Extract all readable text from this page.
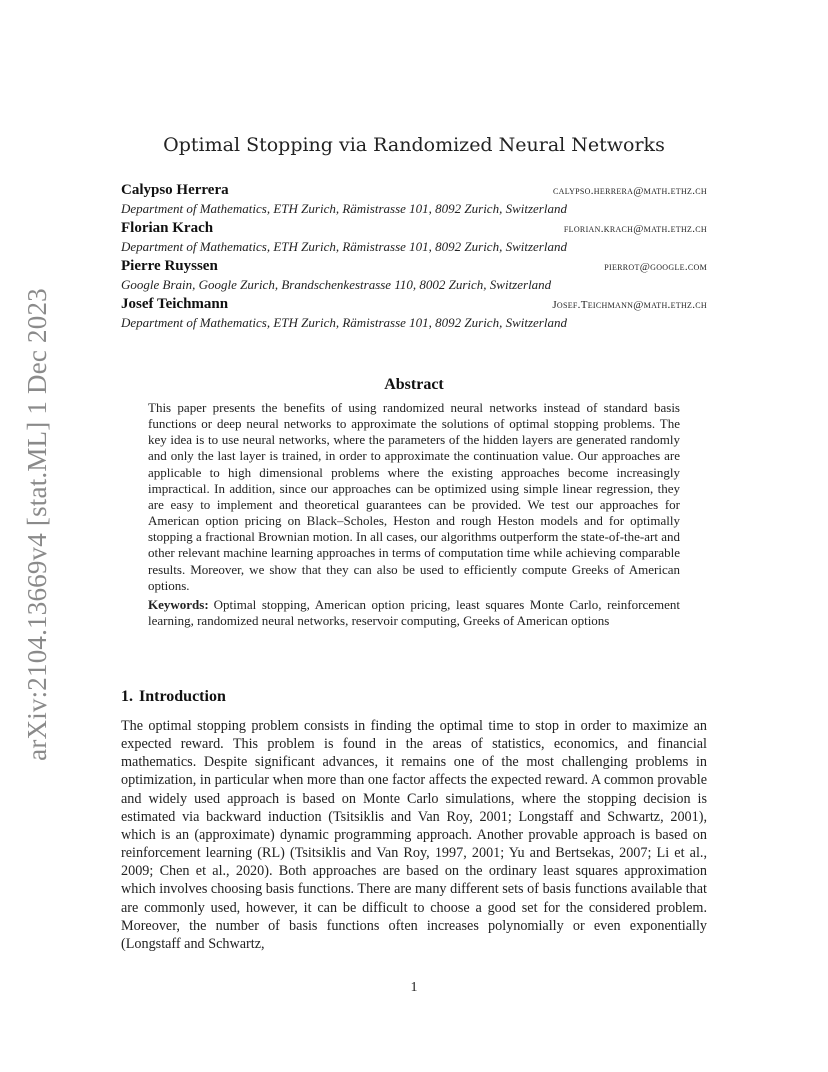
arXiv:2104.13669v4 [stat.ML] 1 Dec 2023
Optimal Stopping via Randomized Neural Networks
Calypso Herrera	calypso.herrera@math.ethz.ch
Department of Mathematics, ETH Zurich, Rämistrasse 101, 8092 Zurich, Switzerland
Florian Krach	florian.krach@math.ethz.ch
Department of Mathematics, ETH Zurich, Rämistrasse 101, 8092 Zurich, Switzerland
Pierre Ruyssen	pierrot@google.com
Google Brain, Google Zurich, Brandschenkestrasse 110, 8002 Zurich, Switzerland
Josef Teichmann	Josef.Teichmann@math.ethz.ch
Department of Mathematics, ETH Zurich, Rämistrasse 101, 8092 Zurich, Switzerland
Abstract

This paper presents the benefits of using randomized neural networks instead of standard basis functions or deep neural networks to approximate the solutions of optimal stopping problems. The key idea is to use neural networks, where the parameters of the hidden layers are generated randomly and only the last layer is trained, in order to approximate the continuation value. Our approaches are applicable to high dimensional problems where the existing approaches become increasingly impractical. In addition, since our approaches can be optimized using simple linear regression, they are easy to implement and theoretical guarantees can be provided. We test our approaches for American option pricing on Black–Scholes, Heston and rough Heston models and for optimally stopping a fractional Brownian motion. In all cases, our algorithms outperform the state-of-the-art and other relevant machine learning approaches in terms of computation time while achieving comparable results. Moreover, we show that they can also be used to efficiently compute Greeks of American options.

Keywords: Optimal stopping, American option pricing, least squares Monte Carlo, reinforcement learning, randomized neural networks, reservoir computing, Greeks of American options

1. Introduction

The optimal stopping problem consists in finding the optimal time to stop in order to maximize an expected reward. This problem is found in the areas of statistics, economics, and financial mathematics. Despite significant advances, it remains one of the most challenging problems in optimization, in particular when more than one factor affects the expected reward. A common provable and widely used approach is based on Monte Carlo simulations, where the stopping decision is estimated via backward induction (Tsitsiklis and Van Roy, 2001; Longstaff and Schwartz, 2001), which is an (approximate) dynamic programming approach. Another provable approach is based on reinforcement learning (RL) (Tsitsiklis and Van Roy, 1997, 2001; Yu and Bertsekas, 2007; Li et al., 2009; Chen et al., 2020). Both approaches are based on the ordinary least squares approximation which involves choosing basis functions. There are many different sets of basis functions available that are commonly used, however, it can be difficult to choose a good set for the considered problem. Moreover, the number of basis functions often increases polynomially or even exponentially (Longstaff and Schwartz,

1
